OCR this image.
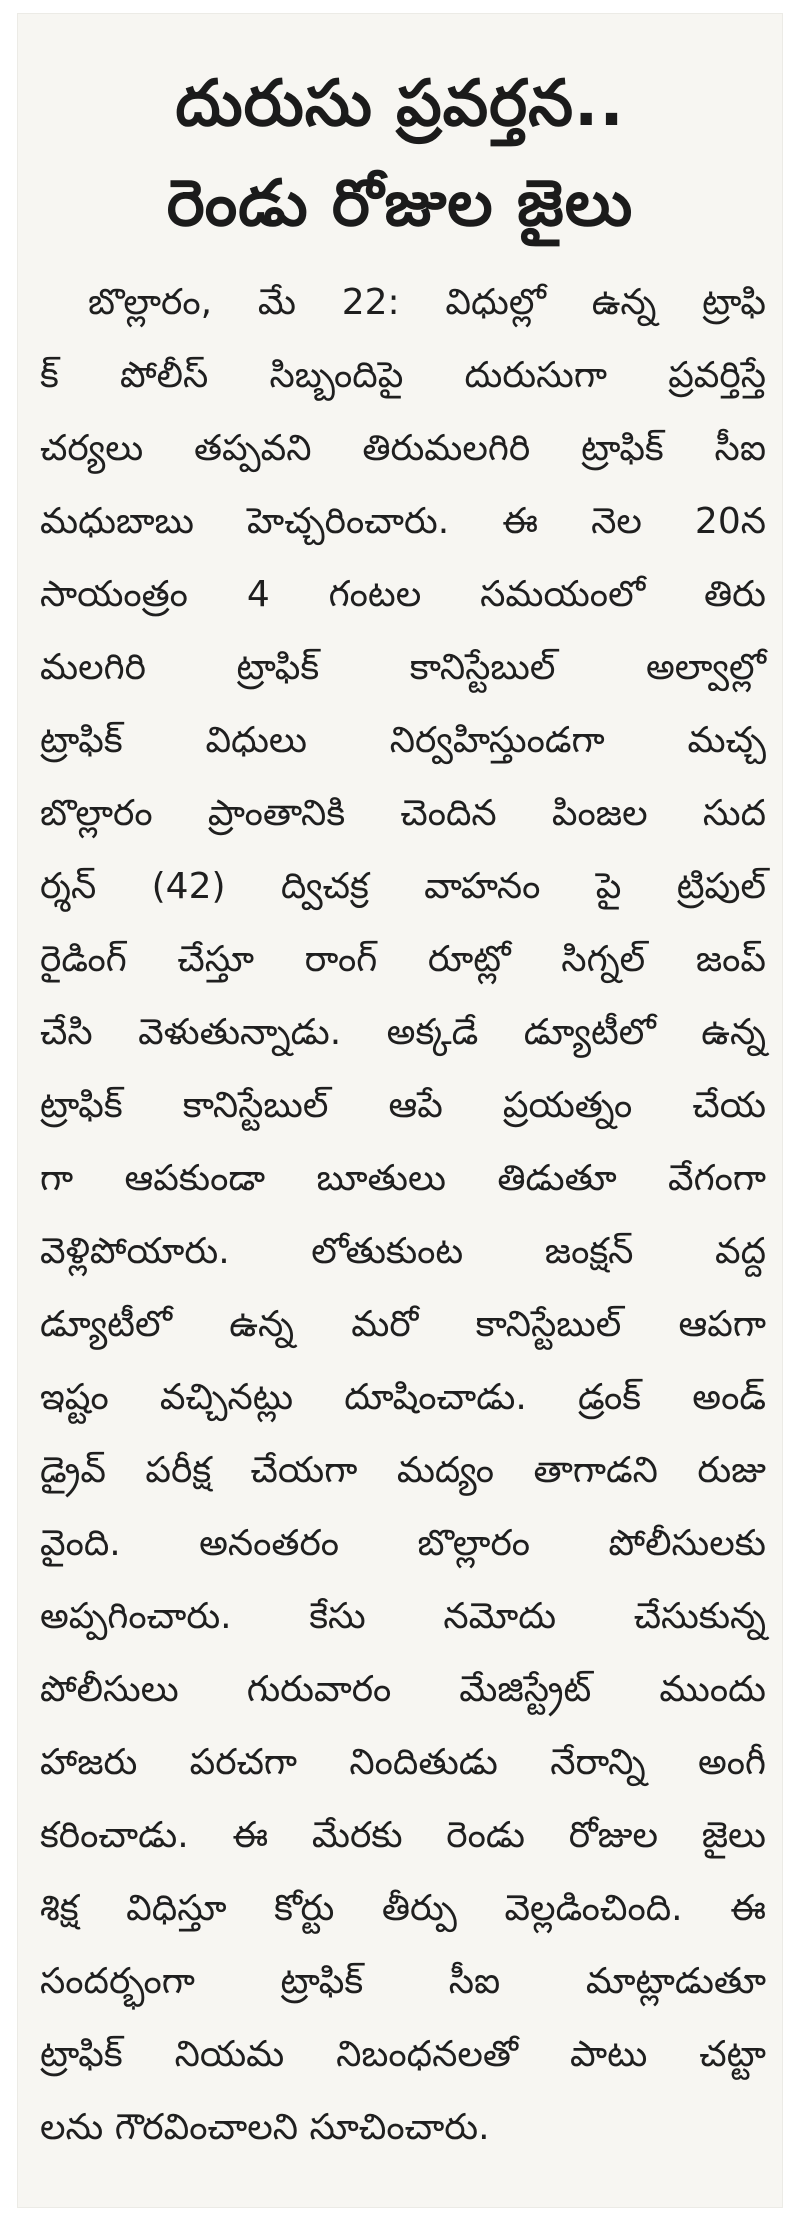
దురుసు ప్రవర్తన..
రెండు రోజుల జైలు
బొల్లారం, మే 22: విధుల్లో ఉన్న ట్రాఫి
క్ పోలీస్ సిబ్బందిపై దురుసుగా ప్రవర్తిస్తే
చర్యలు తప్పవని తిరుమలగిరి ట్రాఫిక్ సీఐ
మధుబాబు హెచ్చరించారు. ఈ నెల 20న
సాయంత్రం 4 గంటల సమయంలో తిరు
మలగిరి ట్రాఫిక్ కానిస్టేబుల్ అల్వాల్లో
ట్రాఫిక్ విధులు నిర్వహిస్తుండగా మచ్చ
బొల్లారం ప్రాంతానికి చెందిన పింజల సుద
ర్శన్ (42) ద్విచక్ర వాహనం పై ట్రిపుల్
రైడింగ్ చేస్తూ రాంగ్ రూట్లో సిగ్నల్ జంప్
చేసి వెళుతున్నాడు. అక్కడే డ్యూటీలో ఉన్న
ట్రాఫిక్ కానిస్టేబుల్ ఆపే ప్రయత్నం చేయ
గా ఆపకుండా బూతులు తిడుతూ వేగంగా
వెళ్లిపోయారు. లోతుకుంట జంక్షన్ వద్ద
డ్యూటీలో ఉన్న మరో కానిస్టేబుల్ ఆపగా
ఇష్టం వచ్చినట్లు దూషించాడు. డ్రంక్ అండ్
డ్రైవ్ పరీక్ష చేయగా మద్యం తాగాడని రుజు
వైంది. అనంతరం బొల్లారం పోలీసులకు
అప్పగించారు. కేసు నమోదు చేసుకున్న
పోలీసులు గురువారం మేజిస్ట్రేట్ ముందు
హాజరు పరచగా నిందితుడు నేరాన్ని అంగీ
కరించాడు. ఈ మేరకు రెండు రోజుల జైలు
శిక్ష విధిస్తూ కోర్టు తీర్పు వెల్లడించింది. ఈ
సందర్భంగా ట్రాఫిక్ సీఐ మాట్లాడుతూ
ట్రాఫిక్ నియమ నిబంధనలతో పాటు చట్టా
లను గౌరవించాలని సూచించారు.
